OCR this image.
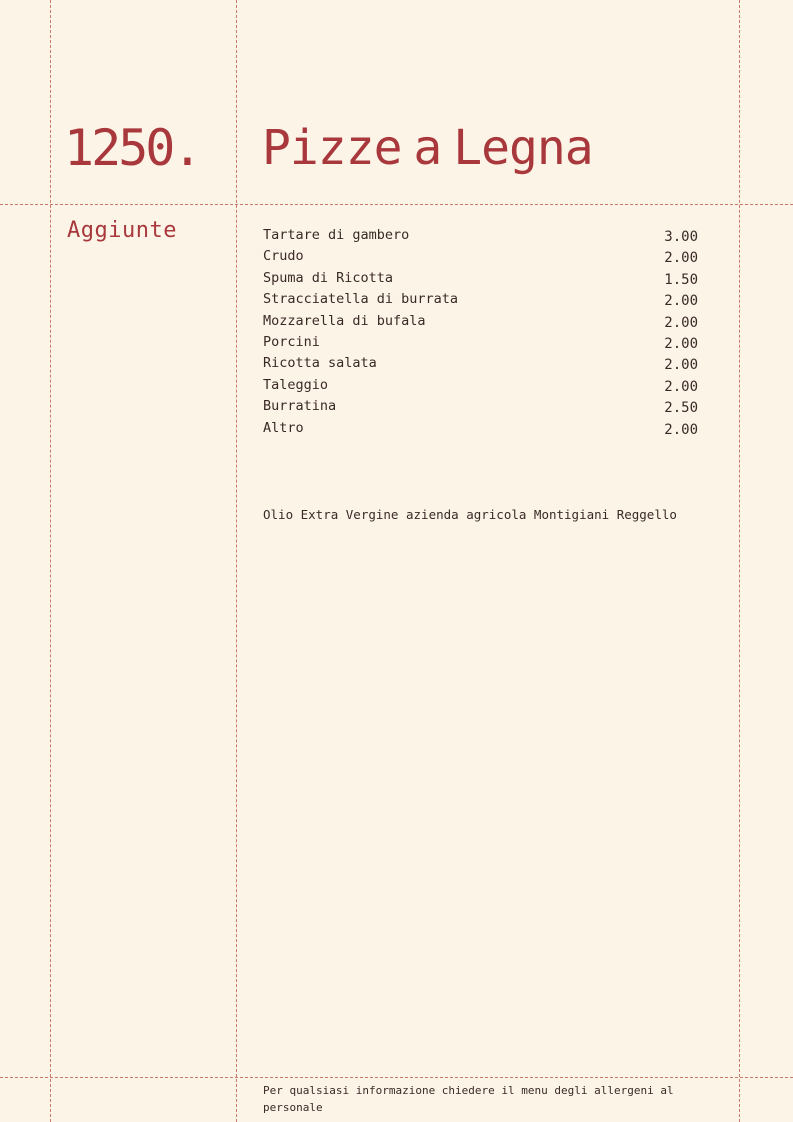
1250. Pizze a Legna
Aggiunte	Tartare di gambero	3.00
Crudo	2.00
Spuma di Ricotta	1.50
Stracciatella di burrata	2.00
Mozzarella di bufala	2.00
Porcini	2.00
Ricotta salata	2.00
Taleggio	2.00
Burratina	2.50
Altro	2.00
Olio Extra Vergine azienda agricola Montigiani Reggello
Per qualsiasi informazione chiedere il menu degli allergeni al personale
